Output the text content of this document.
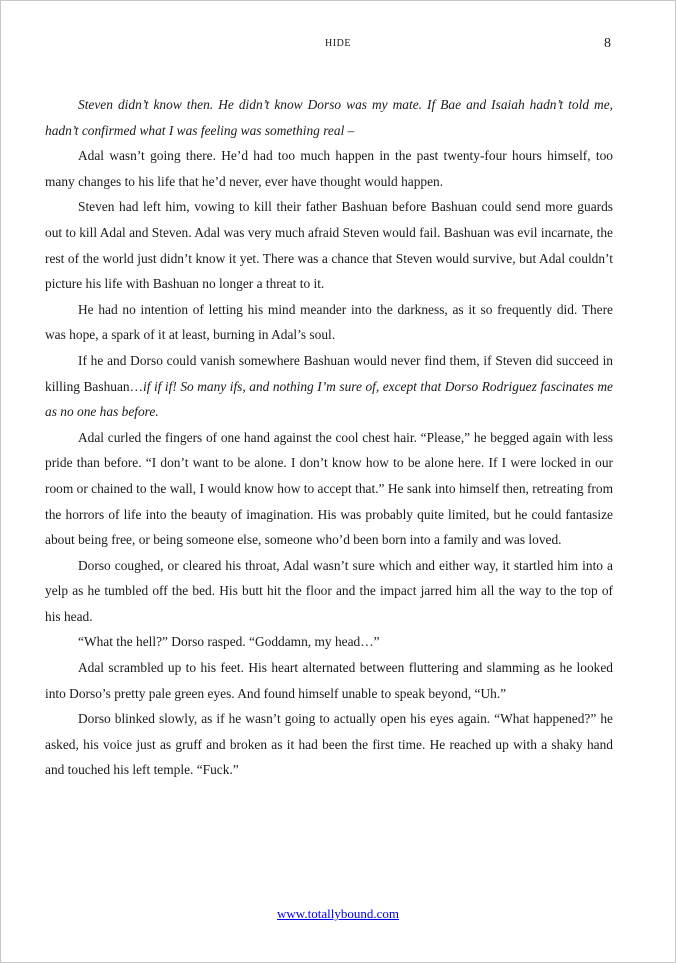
HIDE	8

Steven didn’t know then. He didn’t know Dorso was my mate. If Bae and Isaiah hadn’t told me, hadn’t confirmed what I was feeling was something real –

Adal wasn’t going there. He’d had too much happen in the past twenty-four hours himself, too many changes to his life that he’d never, ever have thought would happen.

Steven had left him, vowing to kill their father Bashuan before Bashuan could send more guards out to kill Adal and Steven. Adal was very much afraid Steven would fail. Bashuan was evil incarnate, the rest of the world just didn’t know it yet. There was a chance that Steven would survive, but Adal couldn’t picture his life with Bashuan no longer a threat to it.

He had no intention of letting his mind meander into the darkness, as it so frequently did. There was hope, a spark of it at least, burning in Adal’s soul.

If he and Dorso could vanish somewhere Bashuan would never find them, if Steven did succeed in killing Bashuan…if if if! So many ifs, and nothing I’m sure of, except that Dorso Rodriguez fascinates me as no one has before.

Adal curled the fingers of one hand against the cool chest hair. “Please,” he begged again with less pride than before. “I don’t want to be alone. I don’t know how to be alone here. If I were locked in our room or chained to the wall, I would know how to accept that.” He sank into himself then, retreating from the horrors of life into the beauty of imagination. His was probably quite limited, but he could fantasize about being free, or being someone else, someone who’d been born into a family and was loved.

Dorso coughed, or cleared his throat, Adal wasn’t sure which and either way, it startled him into a yelp as he tumbled off the bed. His butt hit the floor and the impact jarred him all the way to the top of his head.

“What the hell?” Dorso rasped. “Goddamn, my head…”

Adal scrambled up to his feet. His heart alternated between fluttering and slamming as he looked into Dorso’s pretty pale green eyes. And found himself unable to speak beyond, “Uh.”

Dorso blinked slowly, as if he wasn’t going to actually open his eyes again. “What happened?” he asked, his voice just as gruff and broken as it had been the first time. He reached up with a shaky hand and touched his left temple. “Fuck.”

www.totallybound.com
